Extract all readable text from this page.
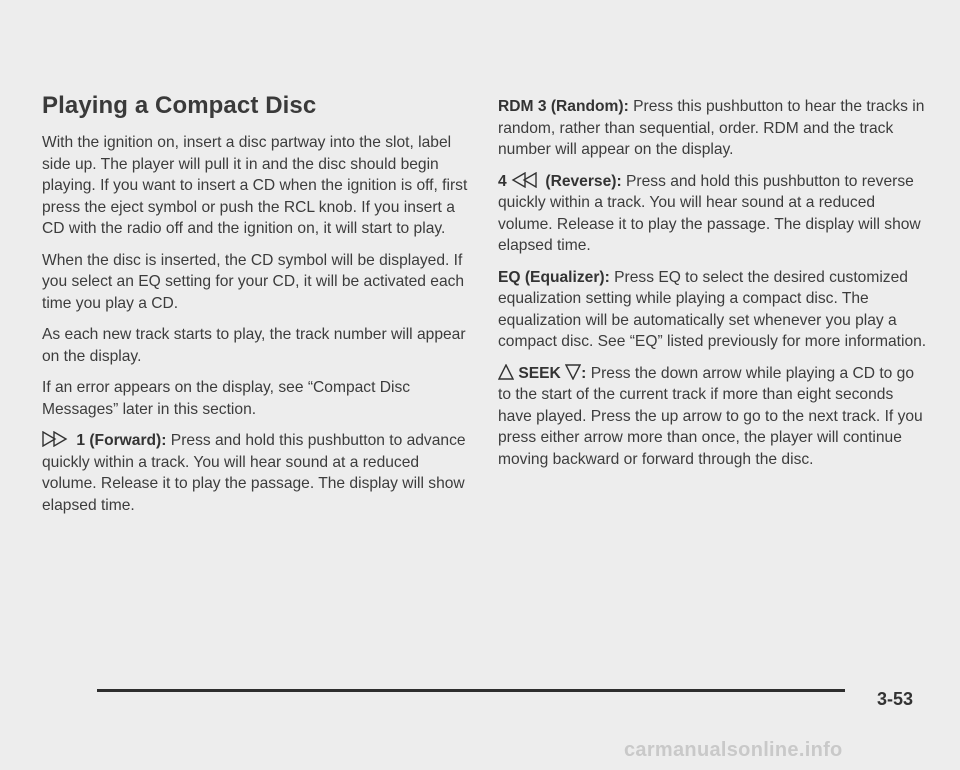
Playing a Compact Disc

With the ignition on, insert a disc partway into the slot, label side up. The player will pull it in and the disc should begin playing. If you want to insert a CD when the ignition is off, first press the eject symbol or push the RCL knob. If you insert a CD with the radio off and the ignition on, it will start to play.

When the disc is inserted, the CD symbol will be displayed. If you select an EQ setting for your CD, it will be activated each time you play a CD.

As each new track starts to play, the track number will appear on the display.

If an error appears on the display, see “Compact Disc Messages” later in this section.

1 (Forward): Press and hold this pushbutton to advance quickly within a track. You will hear sound at a reduced volume. Release it to play the passage. The display will show elapsed time.

RDM 3 (Random): Press this pushbutton to hear the tracks in random, rather than sequential, order. RDM and the track number will appear on the display.

4 (Reverse): Press and hold this pushbutton to reverse quickly within a track. You will hear sound at a reduced volume. Release it to play the passage. The display will show elapsed time.

EQ (Equalizer): Press EQ to select the desired customized equalization setting while playing a compact disc. The equalization will be automatically set whenever you play a compact disc. See “EQ” listed previously for more information.

SEEK : Press the down arrow while playing a CD to go to the start of the current track if more than eight seconds have played. Press the up arrow to go to the next track. If you press either arrow more than once, the player will continue moving backward or forward through the disc.

3-53
carmanualsonline.info
